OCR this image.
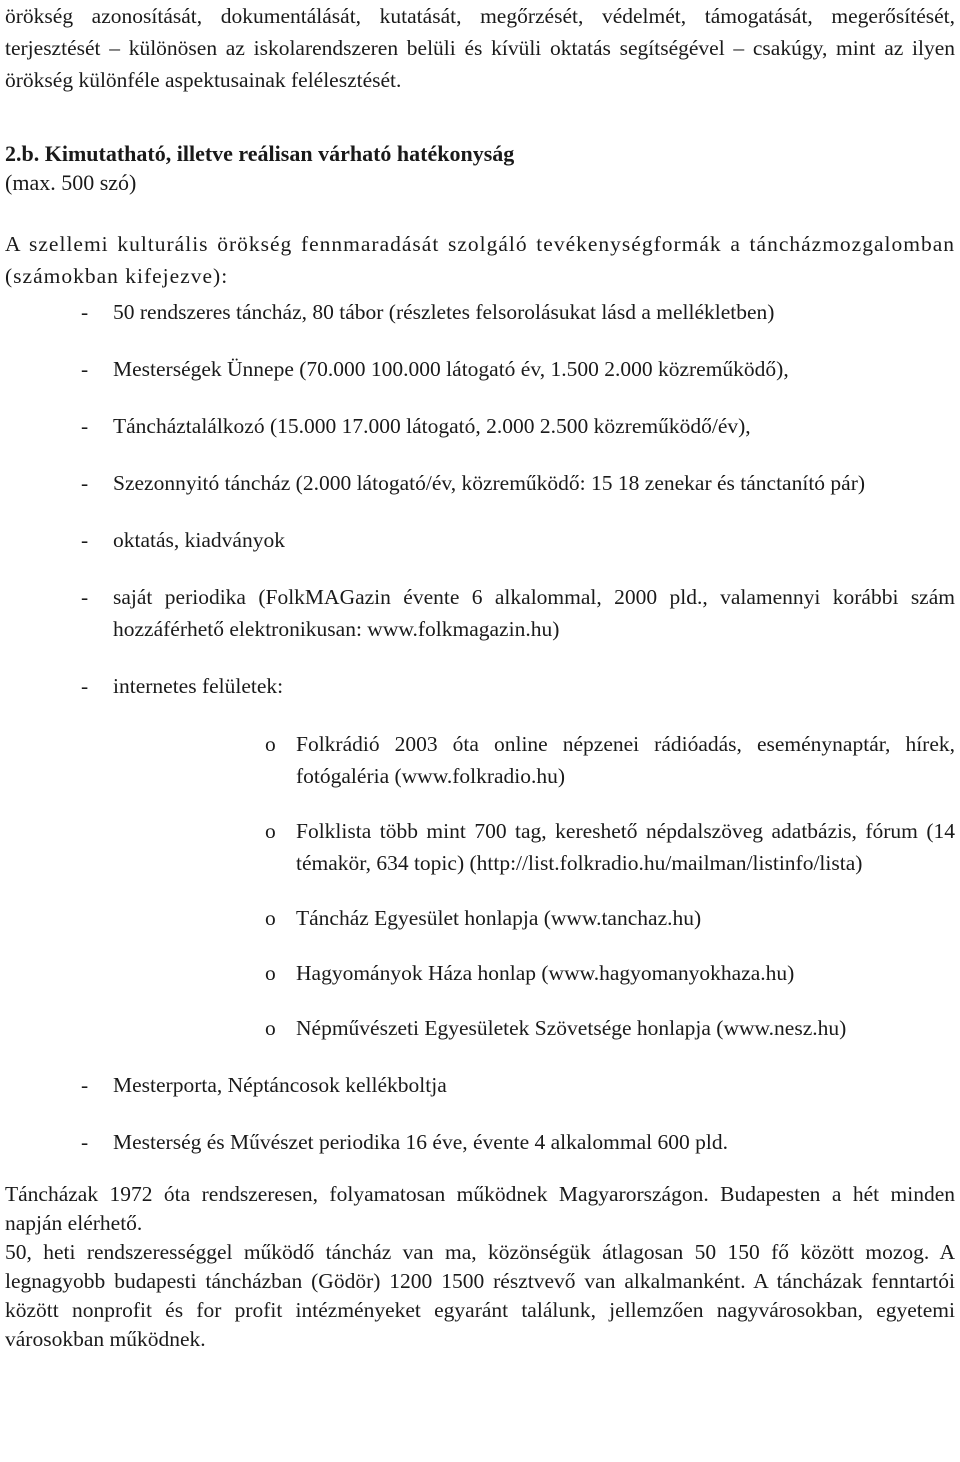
örökség azonosítását, dokumentálását, kutatását, megőrzését, védelmét, támogatását, megerősítését, terjesztését – különösen az iskolarendszeren belüli és kívüli oktatás segítségével – csakúgy, mint az ilyen örökség különféle aspektusainak felélesztését.

2.b. Kimutatható, illetve reálisan várható hatékonyság

(max. 500 szó)

A szellemi kulturális örökség fennmaradását szolgáló tevékenységformák a táncházmozgalomban (számokban kifejezve):

- 50 rendszeres táncház, 80 tábor (részletes felsorolásukat lásd a mellékletben)
- Mesterségek Ünnepe (70.000 100.000 látogató év, 1.500 2.000 közreműködő),
- Táncháztalálkozó (15.000 17.000 látogató, 2.000 2.500 közreműködő/év),
- Szezonnyitó táncház (2.000 látogató/év, közreműködő: 15 18 zenekar és tánctanító pár)
- oktatás, kiadványok
- saját periodika (FolkMAGazin évente 6 alkalommal, 2000 pld., valamennyi korábbi szám hozzáférhető elektronikusan: www.folkmagazin.hu)
- internetes felületek:
o Folkrádió 2003 óta online népzenei rádióadás, eseménynaptár, hírek, fotógaléria (www.folkradio.hu)
o Folklista több mint 700 tag, kereshető népdalszöveg adatbázis, fórum (14 témakör, 634 topic) (http://list.folkradio.hu/mailman/listinfo/lista)
o Táncház Egyesület honlapja (www.tanchaz.hu)
o Hagyományok Háza honlap (www.hagyomanyokhaza.hu)
o Népművészeti Egyesületek Szövetsége honlapja (www.nesz.hu)
- Mesterporta, Néptáncosok kellékboltja
- Mesterség és Művészet periodika 16 éve, évente 4 alkalommal 600 pld.

Táncházak 1972 óta rendszeresen, folyamatosan működnek Magyarországon. Budapesten a hét minden napján elérhető.

50, heti rendszerességgel működő táncház van ma, közönségük átlagosan 50 150 fő között mozog. A legnagyobb budapesti táncházban (Gödör) 1200 1500 résztvevő van alkalmanként. A táncházak fenntartói között nonprofit és for profit intézményeket egyaránt találunk, jellemzően nagyvárosokban, egyetemi városokban működnek.
